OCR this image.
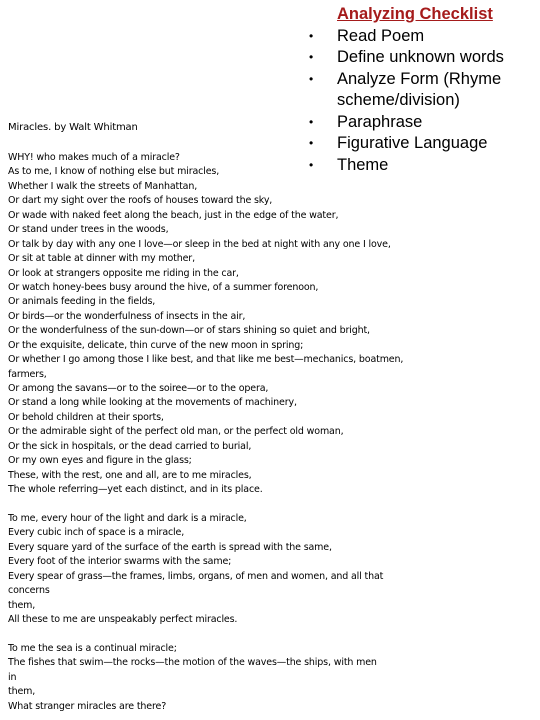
Analyzing Checklist
• Read Poem
• Define unknown words
• Analyze Form (Rhyme scheme/division)
• Paraphrase
• Figurative Language
• Theme
Miracles. by Walt Whitman
WHY! who makes much of a miracle?
As to me, I know of nothing else but miracles,
Whether I walk the streets of Manhattan,
Or dart my sight over the roofs of houses toward the sky,
Or wade with naked feet along the beach, just in the edge of the water,
Or stand under trees in the woods,
Or talk by day with any one I love—or sleep in the bed at night with any one I love,
Or sit at table at dinner with my mother,
Or look at strangers opposite me riding in the car,
Or watch honey-bees busy around the hive, of a summer forenoon,
Or animals feeding in the fields,
Or birds—or the wonderfulness of insects in the air,
Or the wonderfulness of the sun-down—or of stars shining so quiet and bright,
Or the exquisite, delicate, thin curve of the new moon in spring;
Or whether I go among those I like best, and that like me best—mechanics, boatmen,
farmers,
Or among the savans—or to the soiree—or to the opera,
Or stand a long while looking at the movements of machinery,
Or behold children at their sports,
Or the admirable sight of the perfect old man, or the perfect old woman,
Or the sick in hospitals, or the dead carried to burial,
Or my own eyes and figure in the glass;
These, with the rest, one and all, are to me miracles,
The whole referring—yet each distinct, and in its place.
To me, every hour of the light and dark is a miracle,
Every cubic inch of space is a miracle,
Every square yard of the surface of the earth is spread with the same,
Every foot of the interior swarms with the same;
Every spear of grass—the frames, limbs, organs, of men and women, and all that
concerns
them,
All these to me are unspeakably perfect miracles.
To me the sea is a continual miracle;
The fishes that swim—the rocks—the motion of the waves—the ships, with men
in
them,
What stranger miracles are there?
